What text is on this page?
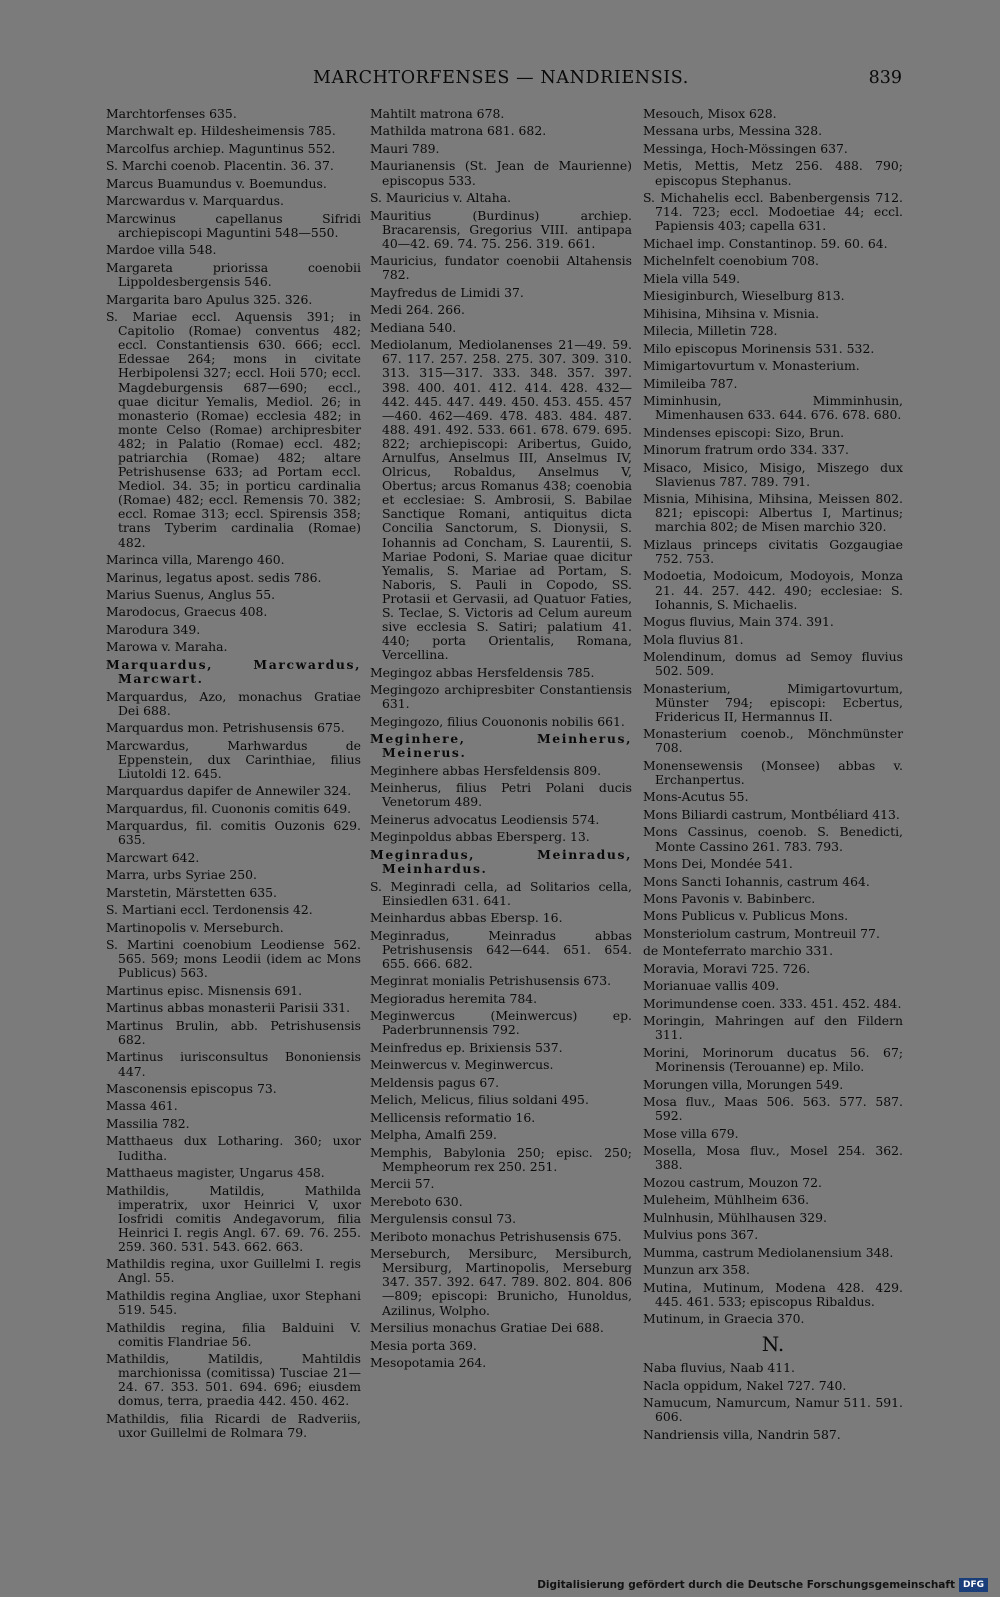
MARCHTORFENSES — NANDRIENSIS.	839
Marchtorfenses 635.
Marchwalt ep. Hildesheimensis 785.
Marcolfus archiep. Maguntinus 552.
S. Marchi coenob. Placentin. 36. 37.
Marcus Buamundus v. Boemundus.
Marcwardus v. Marquardus.
Marcwinus capellanus Sifridi archiepiscopi Maguntini 548—550.
Mardoe villa 548.
Margareta priorissa coenobii Lippoldesbergensis 546.
Margarita baro Apulus 325. 326.
S. Mariae eccl. Aquensis 391; in Capitolio (Romae) conventus 482; eccl. Constantiensis 630. 666; eccl. Edessae 264; mons in civitate Herbipolensi 327; eccl. Hoii 570; eccl. Magdeburgensis 687—690; eccl., quae dicitur Yemalis, Mediol. 26; in monasterio (Romae) ecclesia 482; in monte Celso (Romae) archipresbiter 482; in Palatio (Romae) eccl. 482; patriarchia (Romae) 482; altare Petrishusense 633; ad Portam eccl. Mediol. 34. 35; in porticu cardinalia (Romae) 482; eccl. Remensis 70. 382; eccl. Romae 313; eccl. Spirensis 358; trans Tyberim cardinalia (Romae) 482.
Marinca villa, Marengo 460.
Marinus, legatus apost. sedis 786.
Marius Suenus, Anglus 55.
Marodocus, Graecus 408.
Marodura 349.
Marowa v. Maraha.
Marquardus, Marcwardus, Marcwart.
Marquardus, Azo, monachus Gratiae Dei 688.
Marquardus mon. Petrishusensis 675.
Marcwardus, Marhwardus de Eppenstein, dux Carinthiae, filius Liutoldi 12. 645.
Marquardus dapifer de Annewiler 324.
Marquardus, fil. Cuononis comitis 649.
Marquardus, fil. comitis Ouzonis 629. 635.
Marcwart 642.
Marra, urbs Syriae 250.
Marstetin, Märstetten 635.
S. Martiani eccl. Terdonensis 42.
Martinopolis v. Merseburch.
S. Martini coenobium Leodiense 562. 565. 569; mons Leodii (idem ac Mons Publicus) 563.
Martinus episc. Misnensis 691.
Martinus abbas monasterii Parisii 331.
Martinus Brulin, abb. Petrishusensis 682.
Martinus iurisconsultus Bononiensis 447.
Masconensis episcopus 73.
Massa 461.
Massilia 782.
Matthaeus dux Lotharing. 360; uxor Iuditha.
Matthaeus magister, Ungarus 458.
Mathildis, Matildis, Mathilda imperatrix, uxor Heinrici V, uxor Iosfridi comitis Andegavorum, filia Heinrici I. regis Angl. 67. 69. 76. 255. 259. 360. 531. 543. 662. 663.
Mathildis regina, uxor Guillelmi I. regis Angl. 55.
Mathildis regina Angliae, uxor Stephani 519. 545.
Mathildis regina, filia Balduini V. comitis Flandriae 56.
Mathildis, Matildis, Mahtildis marchionissa (comitissa) Tusciae 21—24. 67. 353. 501. 694. 696; eiusdem domus, terra, praedia 442. 450. 462.
Mathildis, filia Ricardi de Radveriis, uxor Guillelmi de Rolmara 79.
Mahtilt matrona 678.
Mathilda matrona 681. 682.
Mauri 789.
Maurianensis (St. Jean de Maurienne) episcopus 533.
S. Mauricius v. Altaha.
Mauritius (Burdinus) archiep. Bracarensis, Gregorius VIII. antipapa 40—42. 69. 74. 75. 256. 319. 661.
Mauricius, fundator coenobii Altahensis 782.
Mayfredus de Limidi 37.
Medi 264. 266.
Mediana 540.
Mediolanum, Mediolanenses 21—49. 59. 67. 117. 257. 258. 275. 307. 309. 310. 313. 315—317. 333. 348. 357. 397. 398. 400. 401. 412. 414. 428. 432—442. 445. 447. 449. 450. 453. 455. 457—460. 462—469. 478. 483. 484. 487. 488. 491. 492. 533. 661. 678. 679. 695. 822; archiepiscopi: Aribertus, Guido, Arnulfus, Anselmus III, Anselmus IV, Olricus, Robaldus, Anselmus V, Obertus; arcus Romanus 438; coenobia et ecclesiae: S. Ambrosii, S. Babilae Sanctique Romani, antiquitus dicta Concilia Sanctorum, S. Dionysii, S. Iohannis ad Concham, S. Laurentii, S. Mariae Podoni, S. Mariae quae dicitur Yemalis, S. Mariae ad Portam, S. Naboris, S. Pauli in Copodo, SS. Protasii et Gervasii, ad Quatuor Faties, S. Teclae, S. Victoris ad Celum aureum sive ecclesia S. Satiri; palatium 41. 440; porta Orientalis, Romana, Vercellina.
Megingoz abbas Hersfeldensis 785.
Megingozo archipresbiter Constantiensis 631.
Megingozo, filius Couononis nobilis 661.
Meginhere, Meinherus, Meinerus.
Meginhere abbas Hersfeldensis 809.
Meinherus, filius Petri Polani ducis Venetorum 489.
Meinerus advocatus Leodiensis 574.
Meginpoldus abbas Ebersperg. 13.
Meginradus, Meinradus, Meinhardus.
S. Meginradi cella, ad Solitarios cella, Einsiedlen 631. 641.
Meinhardus abbas Ebersp. 16.
Meginradus, Meinradus abbas Petrishusensis 642—644. 651. 654. 655. 666. 682.
Meginrat monialis Petrishusensis 673.
Megioradus heremita 784.
Meginwercus (Meinwercus) ep. Paderbrunnensis 792.
Meinfredus ep. Brixiensis 537.
Meinwercus v. Meginwercus.
Meldensis pagus 67.
Melich, Melicus, filius soldani 495.
Mellicensis reformatio 16.
Melpha, Amalfi 259.
Memphis, Babylonia 250; episc. 250; Mempheorum rex 250. 251.
Mercii 57.
Mereboto 630.
Mergulensis consul 73.
Meriboto monachus Petrishusensis 675.
Merseburch, Mersiburc, Mersiburch, Mersiburg, Martinopolis, Merseburg 347. 357. 392. 647. 789. 802. 804. 806—809; episcopi: Brunicho, Hunoldus, Azilinus, Wolpho.
Mersilius monachus Gratiae Dei 688.
Mesia porta 369.
Mesopotamia 264.
Mesouch, Misox 628.
Messana urbs, Messina 328.
Messinga, Hoch-Mössingen 637.
Metis, Mettis, Metz 256. 488. 790; episcopus Stephanus.
S. Michahelis eccl. Babenbergensis 712. 714. 723; eccl. Modoetiae 44; eccl. Papiensis 403; capella 631.
Michael imp. Constantinop. 59. 60. 64.
Michelnfelt coenobium 708.
Miela villa 549.
Miesiginburch, Wieselburg 813.
Mihisina, Mihsina v. Misnia.
Milecia, Milletin 728.
Milo episcopus Morinensis 531. 532.
Mimigartovurtum v. Monasterium.
Mimileiba 787.
Miminhusin, Mimminhusin, Mimenhausen 633. 644. 676. 678. 680.
Mindenses episcopi: Sizo, Brun.
Minorum fratrum ordo 334. 337.
Misaco, Misico, Misigo, Miszego dux Slavienus 787. 789. 791.
Misnia, Mihisina, Mihsina, Meissen 802. 821; episcopi: Albertus I, Martinus; marchia 802; de Misen marchio 320.
Mizlaus princeps civitatis Gozgaugiae 752. 753.
Modoetia, Modoicum, Modoyois, Monza 21. 44. 257. 442. 490; ecclesiae: S. Iohannis, S. Michaelis.
Mogus fluvius, Main 374. 391.
Mola fluvius 81.
Molendinum, domus ad Semoy fluvius 502. 509.
Monasterium, Mimigartovurtum, Münster 794; episcopi: Ecbertus, Fridericus II, Hermannus II.
Monasterium coenob., Mönchmünster 708.
Monensewensis (Monsee) abbas v. Erchanpertus.
Mons-Acutus 55.
Mons Biliardi castrum, Montbéliard 413.
Mons Cassinus, coenob. S. Benedicti, Monte Cassino 261. 783. 793.
Mons Dei, Mondée 541.
Mons Sancti Iohannis, castrum 464.
Mons Pavonis v. Babinberc.
Mons Publicus v. Publicus Mons.
Monsteriolum castrum, Montreuil 77.
de Monteferrato marchio 331.
Moravia, Moravi 725. 726.
Morianuae vallis 409.
Morimundense coen. 333. 451. 452. 484.
Moringin, Mahringen auf den Fildern 311.
Morini, Morinorum ducatus 56. 67; Morinensis (Terouanne) ep. Milo.
Morungen villa, Morungen 549.
Mosa fluv., Maas 506. 563. 577. 587. 592.
Mose villa 679.
Mosella, Mosa fluv., Mosel 254. 362. 388.
Mozou castrum, Mouzon 72.
Muleheim, Mühlheim 636.
Mulnhusin, Mühlhausen 329.
Mulvius pons 367.
Mumma, castrum Mediolanensium 348.
Munzun arx 358.
Mutina, Mutinum, Modena 428. 429. 445. 461. 533; episcopus Ribaldus.
Mutinum, in Graecia 370.
N.
Naba fluvius, Naab 411.
Nacla oppidum, Nakel 727. 740.
Namucum, Namurcum, Namur 511. 591. 606.
Nandriensis villa, Nandrin 587.
Digitalisierung gefördert durch die Deutsche Forschungsgemeinschaft DFG
